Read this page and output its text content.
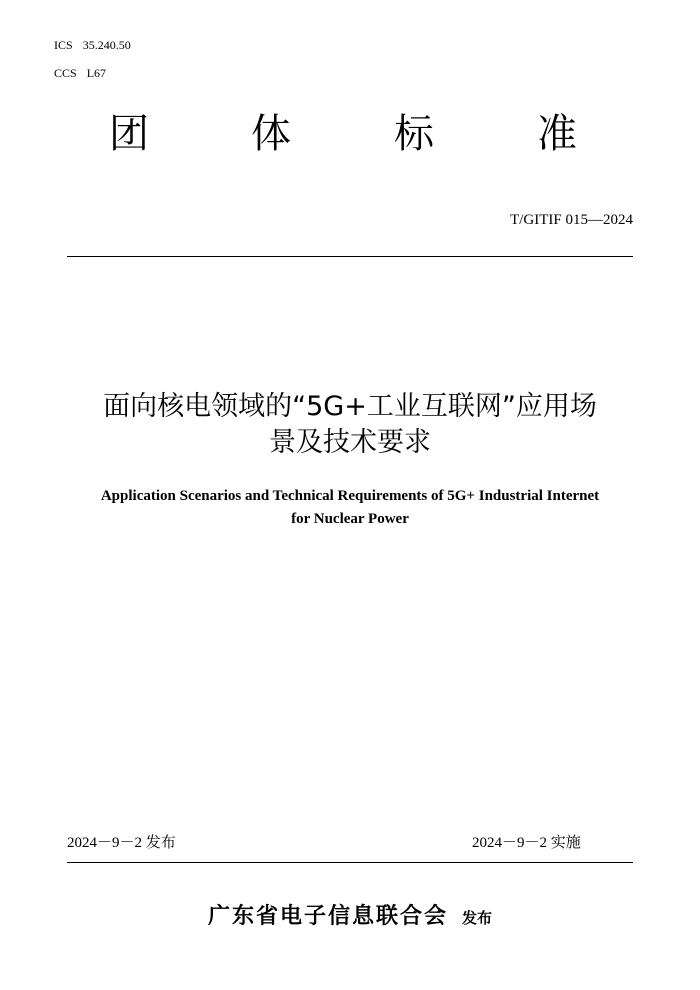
ICS 35.240.50
CCS L67
团	体	标	准
T/GITIF 015—2024
面向核电领域的“5G+工业互联网”应用场
景及技术要求
Application Scenarios and Technical Requirements of 5G+ Industrial Internet
for Nuclear Power
2024－9－2 发布	2024－9－2 实施
广东省电子信息联合会 发布
